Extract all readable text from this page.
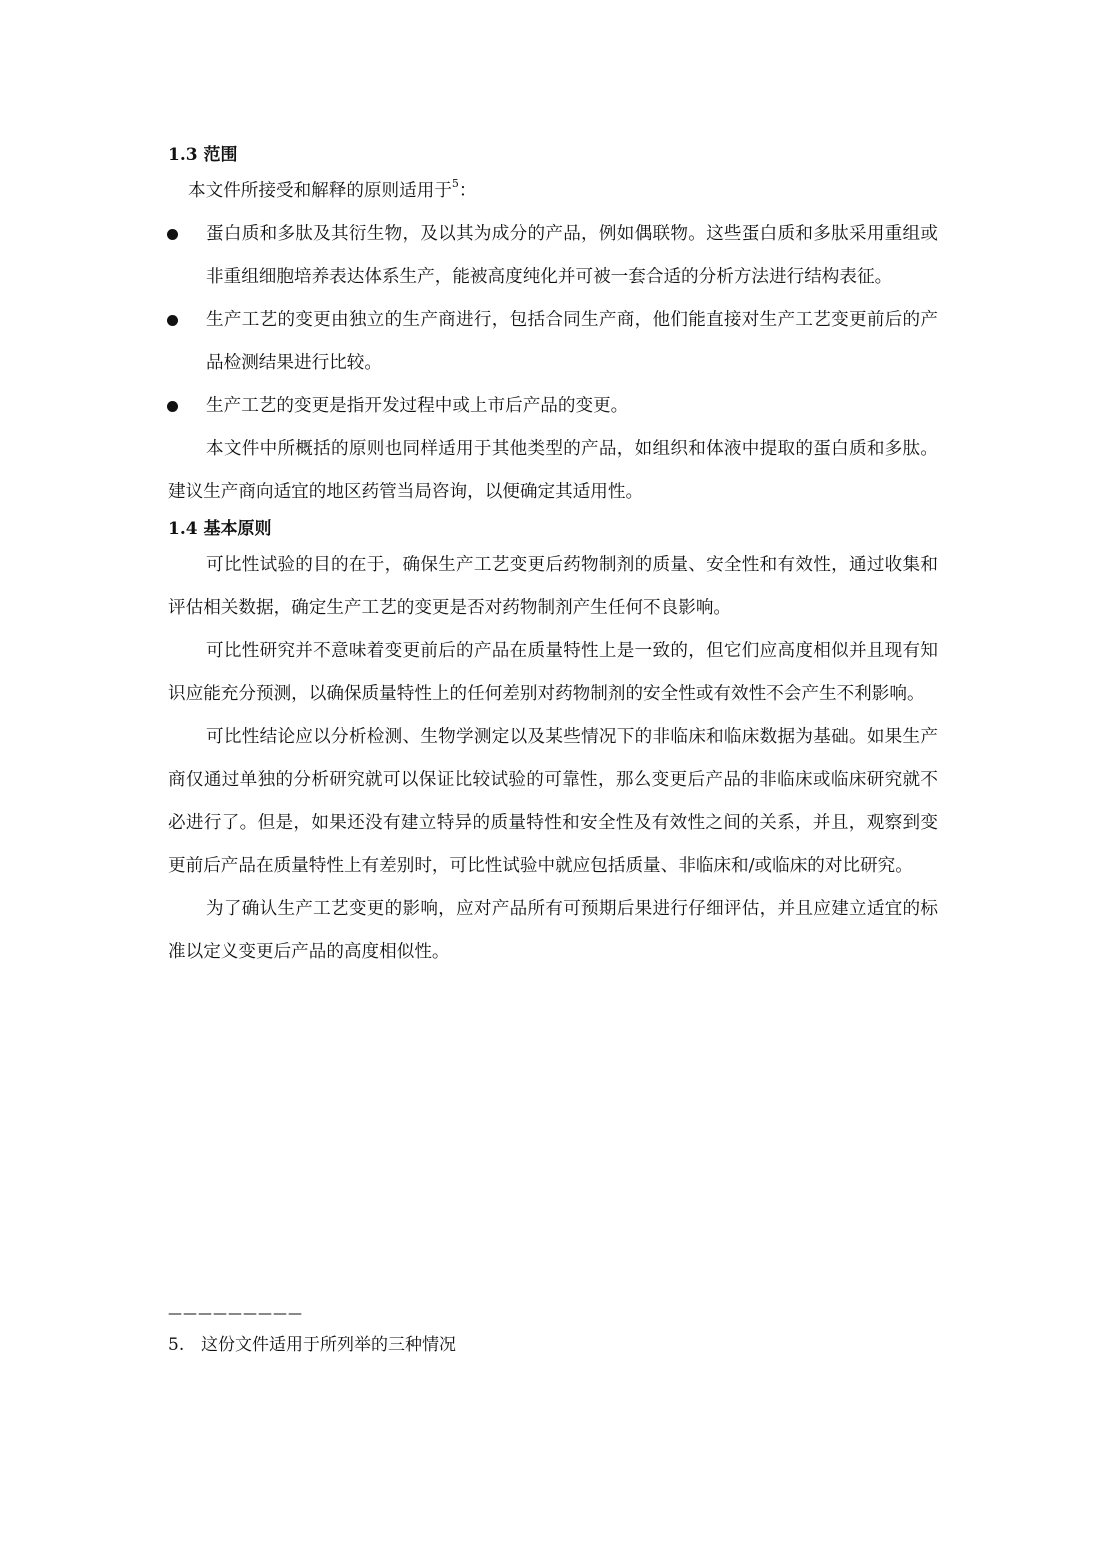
1.3 范围

本文件所接受和解释的原则适用于$^5$：

蛋白质和多肽及其衍生物，及以其为成分的产品，例如偶联物。这些蛋白质和多肽采用重组或非重组细胞培养表达体系生产，能被高度纯化并可被一套合适的分析方法进行结构表征。
生产工艺的变更由独立的生产商进行，包括合同生产商，他们能直接对生产工艺变更前后的产品检测结果进行比较。
生产工艺的变更是指开发过程中或上市后产品的变更。

本文件中所概括的原则也同样适用于其他类型的产品，如组织和体液中提取的蛋白质和多肽。建议生产商向适宜的地区药管当局咨询，以便确定其适用性。

1.4 基本原则

可比性试验的目的在于，确保生产工艺变更后药物制剂的质量、安全性和有效性，通过收集和评估相关数据，确定生产工艺的变更是否对药物制剂产生任何不良影响。

可比性研究并不意味着变更前后的产品在质量特性上是一致的，但它们应高度相似并且现有知识应能充分预测，以确保质量特性上的任何差别对药物制剂的安全性或有效性不会产生不利影响。

可比性结论应以分析检测、生物学测定以及某些情况下的非临床和临床数据为基础。如果生产商仅通过单独的分析研究就可以保证比较试验的可靠性，那么变更后产品的非临床或临床研究就不必进行了。但是，如果还没有建立特异的质量特性和安全性及有效性之间的关系，并且，观察到变更前后产品在质量特性上有差别时，可比性试验中就应包括质量、非临床和/或临床的对比研究。

为了确认生产工艺变更的影响，应对产品所有可预期后果进行仔细评估，并且应建立适宜的标准以定义变更后产品的高度相似性。

—————————
5. 这份文件适用于所列举的三种情况
